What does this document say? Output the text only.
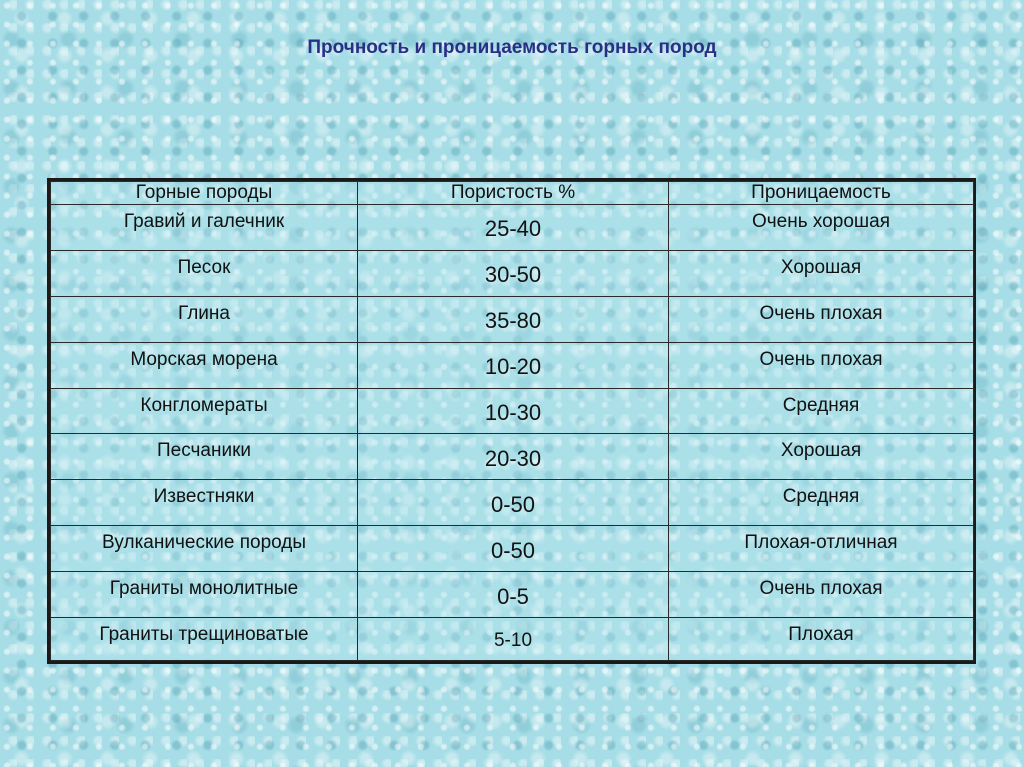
Прочность и проницаемость горных пород
Горные породы	Пористость %	Проницаемость
Гравий и галечник	25-40	Очень хорошая
Песок	30-50	Хорошая
Глина	35-80	Очень плохая
Морская морена	10-20	Очень плохая
Конгломераты	10-30	Средняя
Песчаники	20-30	Хорошая
Известняки	0-50	Средняя
Вулканические породы	0-50	Плохая-отличная
Граниты монолитные	0-5	Очень плохая
Граниты трещиноватые	5-10	Плохая
